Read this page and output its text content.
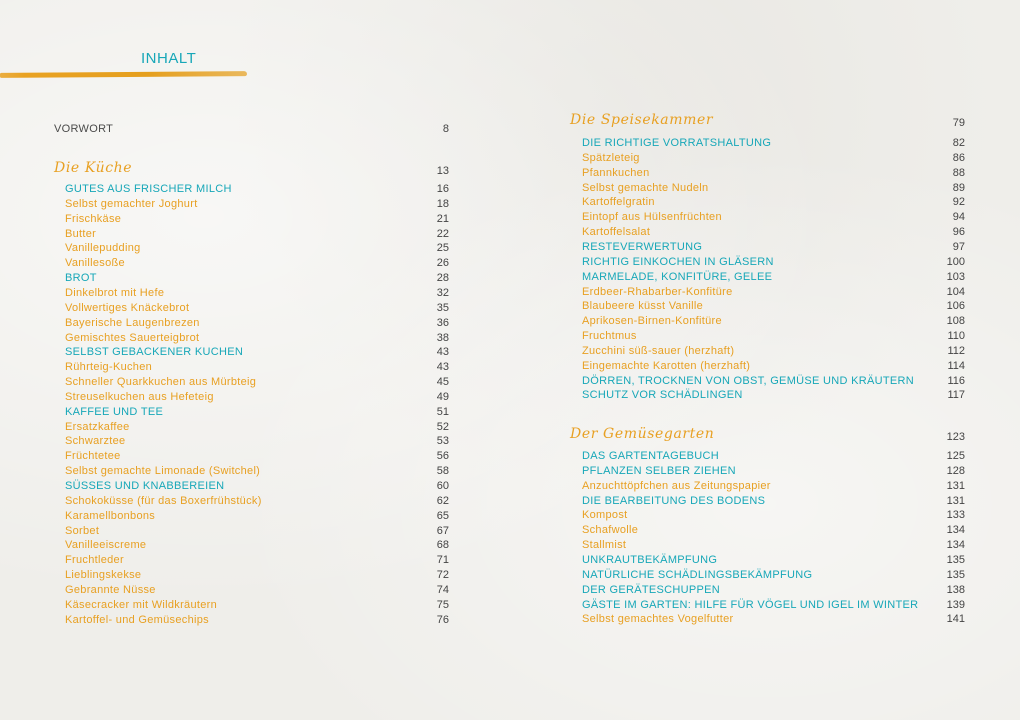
INHALT
VORWORT	8
Die Küche	13
GUTES AUS FRISCHER MILCH	16
Selbst gemachter Joghurt	18
Frischkäse	21
Butter	22
Vanillepudding	25
Vanillesoße	26
BROT	28
Dinkelbrot mit Hefe	32
Vollwertiges Knäckebrot	35
Bayerische Laugenbrezen	36
Gemischtes Sauerteigbrot	38
SELBST GEBACKENER KUCHEN	43
Rührteig-Kuchen	43
Schneller Quarkkuchen aus Mürbteig	45
Streuselkuchen aus Hefeteig	49
KAFFEE UND TEE	51
Ersatzkaffee	52
Schwarztee	53
Früchtetee	56
Selbst gemachte Limonade (Switchel)	58
SÜSSES UND KNABBEREIEN	60
Schokoküsse (für das Boxerfrühstück)	62
Karamellbonbons	65
Sorbet	67
Vanilleeiscreme	68
Fruchtleder	71
Lieblingskekse	72
Gebrannte Nüsse	74
Käsecracker mit Wildkräutern	75
Kartoffel- und Gemüsechips	76
Die Speisekammer	79
DIE RICHTIGE VORRATSHALTUNG	82
Spätzleteig	86
Pfannkuchen	88
Selbst gemachte Nudeln	89
Kartoffelgratin	92
Eintopf aus Hülsenfrüchten	94
Kartoffelsalat	96
RESTEVERWERTUNG	97
RICHTIG EINKOCHEN IN GLÄSERN	100
MARMELADE, KONFITÜRE, GELEE	103
Erdbeer-Rhabarber-Konfitüre	104
Blaubeere küsst Vanille	106
Aprikosen-Birnen-Konfitüre	108
Fruchtmus	110
Zucchini süß-sauer (herzhaft)	112
Eingemachte Karotten (herzhaft)	114
DÖRREN, TROCKNEN VON OBST, GEMÜSE UND KRÄUTERN	116
SCHUTZ VOR SCHÄDLINGEN	117
Der Gemüsegarten	123
DAS GARTENTAGEBUCH	125
PFLANZEN SELBER ZIEHEN	128
Anzuchttöpfchen aus Zeitungspapier	131
DIE BEARBEITUNG DES BODENS	131
Kompost	133
Schafwolle	134
Stallmist	134
UNKRAUTBEKÄMPFUNG	135
NATÜRLICHE SCHÄDLINGSBEKÄMPFUNG	135
DER GERÄTESCHUPPEN	138
GÄSTE IM GARTEN: HILFE FÜR VÖGEL UND IGEL IM WINTER	139
Selbst gemachtes Vogelfutter	141
